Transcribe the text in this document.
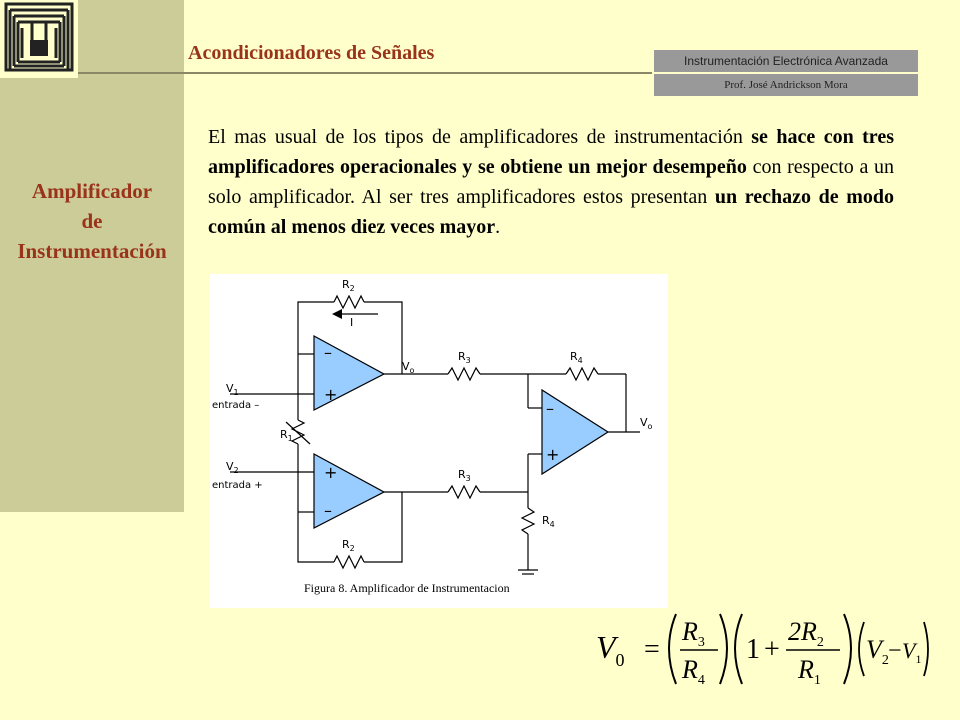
Acondicionadores de Señales	Instrumentación Electrónica Avanzada
Prof. José Andrickson Mora
Amplificador
de
Instrumentación

El mas usual de los tipos de amplificadores de instrumentación se hace con tres amplificadores operacionales y se obtiene un mejor desempeño con respecto a un solo amplificador. Al ser tres amplificadores estos presentan un rechazo de modo común al menos diez veces mayor.

$R_2$
I
$V_o$
$R_3$	$R_4$
$V_1$
entrada –
$R_1$
$V_2$
entrada +
$R_3$
$R_4$
$R_2$
$V_o$
–
+
+
–
–
+
Figura 8. Amplificador de Instrumentacion
$V_0$ =
$R_3$
$R_4$
1 +
$2R_2$
$R_1$
$V_2 - V_1$
